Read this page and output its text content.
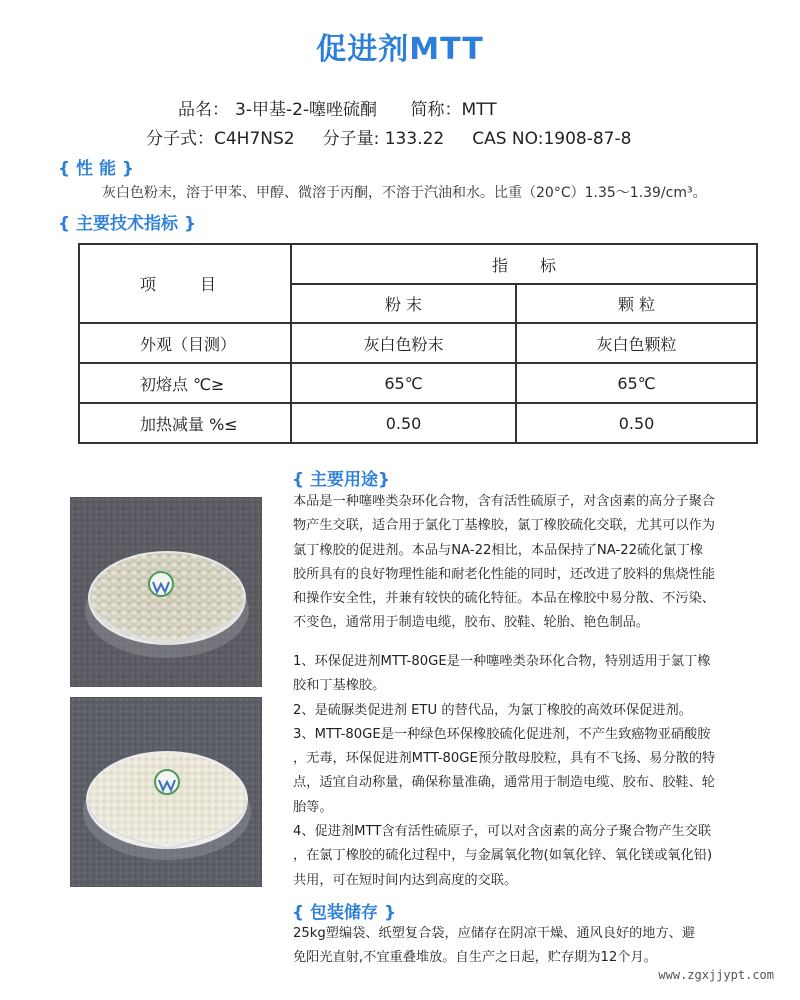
促进剂MTT
品名： 3-甲基-2-噻唑硫酮 简称：MTT
分子式：C4H7NS2 分子量: 133.22 CAS NO:1908-87-8
{ 性 能 }
灰白色粉末，溶于甲苯、甲醇、微溶于丙酮，不溶于汽油和水。比重（20°C）1.35～1.39/cm³。
{ 主要技术指标 }
项　目	指　　标	
	粉 末	颗 粒
外观（目测）	灰白色粉末	灰白色颗粒
初熔点 ℃≥	65℃	65℃
加热减量 %≤	0.50	0.50
{ 主要用途}
本品是一种噻唑类杂环化合物，含有活性硫原子，对含卤素的高分子聚合
物产生交联，适合用于氯化丁基橡胶，氯丁橡胶硫化交联，尤其可以作为
氯丁橡胶的促进剂。本品与NA-22相比，本品保持了NA-22硫化氯丁橡
胶所具有的良好物理性能和耐老化性能的同时，还改进了胶料的焦烧性能
和操作安全性，并兼有较快的硫化特征。本品在橡胶中易分散、不污染、
不变色，通常用于制造电缆，胶布、胶鞋、轮胎、艳色制品。
1、环保促进剂MTT-80GE是一种噻唑类杂环化合物，特别适用于氯丁橡
胶和丁基橡胶。
2、是硫脲类促进剂 ETU 的替代品，为氯丁橡胶的高效环保促进剂。
3、MTT-80GE是一种绿色环保橡胶硫化促进剂，不产生致癌物亚硝酸胺
，无毒，环保促进剂MTT-80GE预分散母胶粒，具有不飞扬、易分散的特
点，适宜自动称量，确保称量准确，通常用于制造电缆、胶布、胶鞋、轮
胎等。
4、促进剂MTT含有活性硫原子，可以对含卤素的高分子聚合物产生交联
，在氯丁橡胶的硫化过程中，与金属氧化物(如氧化锌、氧化镁或氧化铅)
共用，可在短时间内达到高度的交联。
{ 包装储存 }
25kg塑编袋、纸塑复合袋，应储存在阴凉干燥、通风良好的地方、避
免阳光直射,不宜重叠堆放。自生产之日起，贮存期为12个月。
www.zgxjjypt.com
